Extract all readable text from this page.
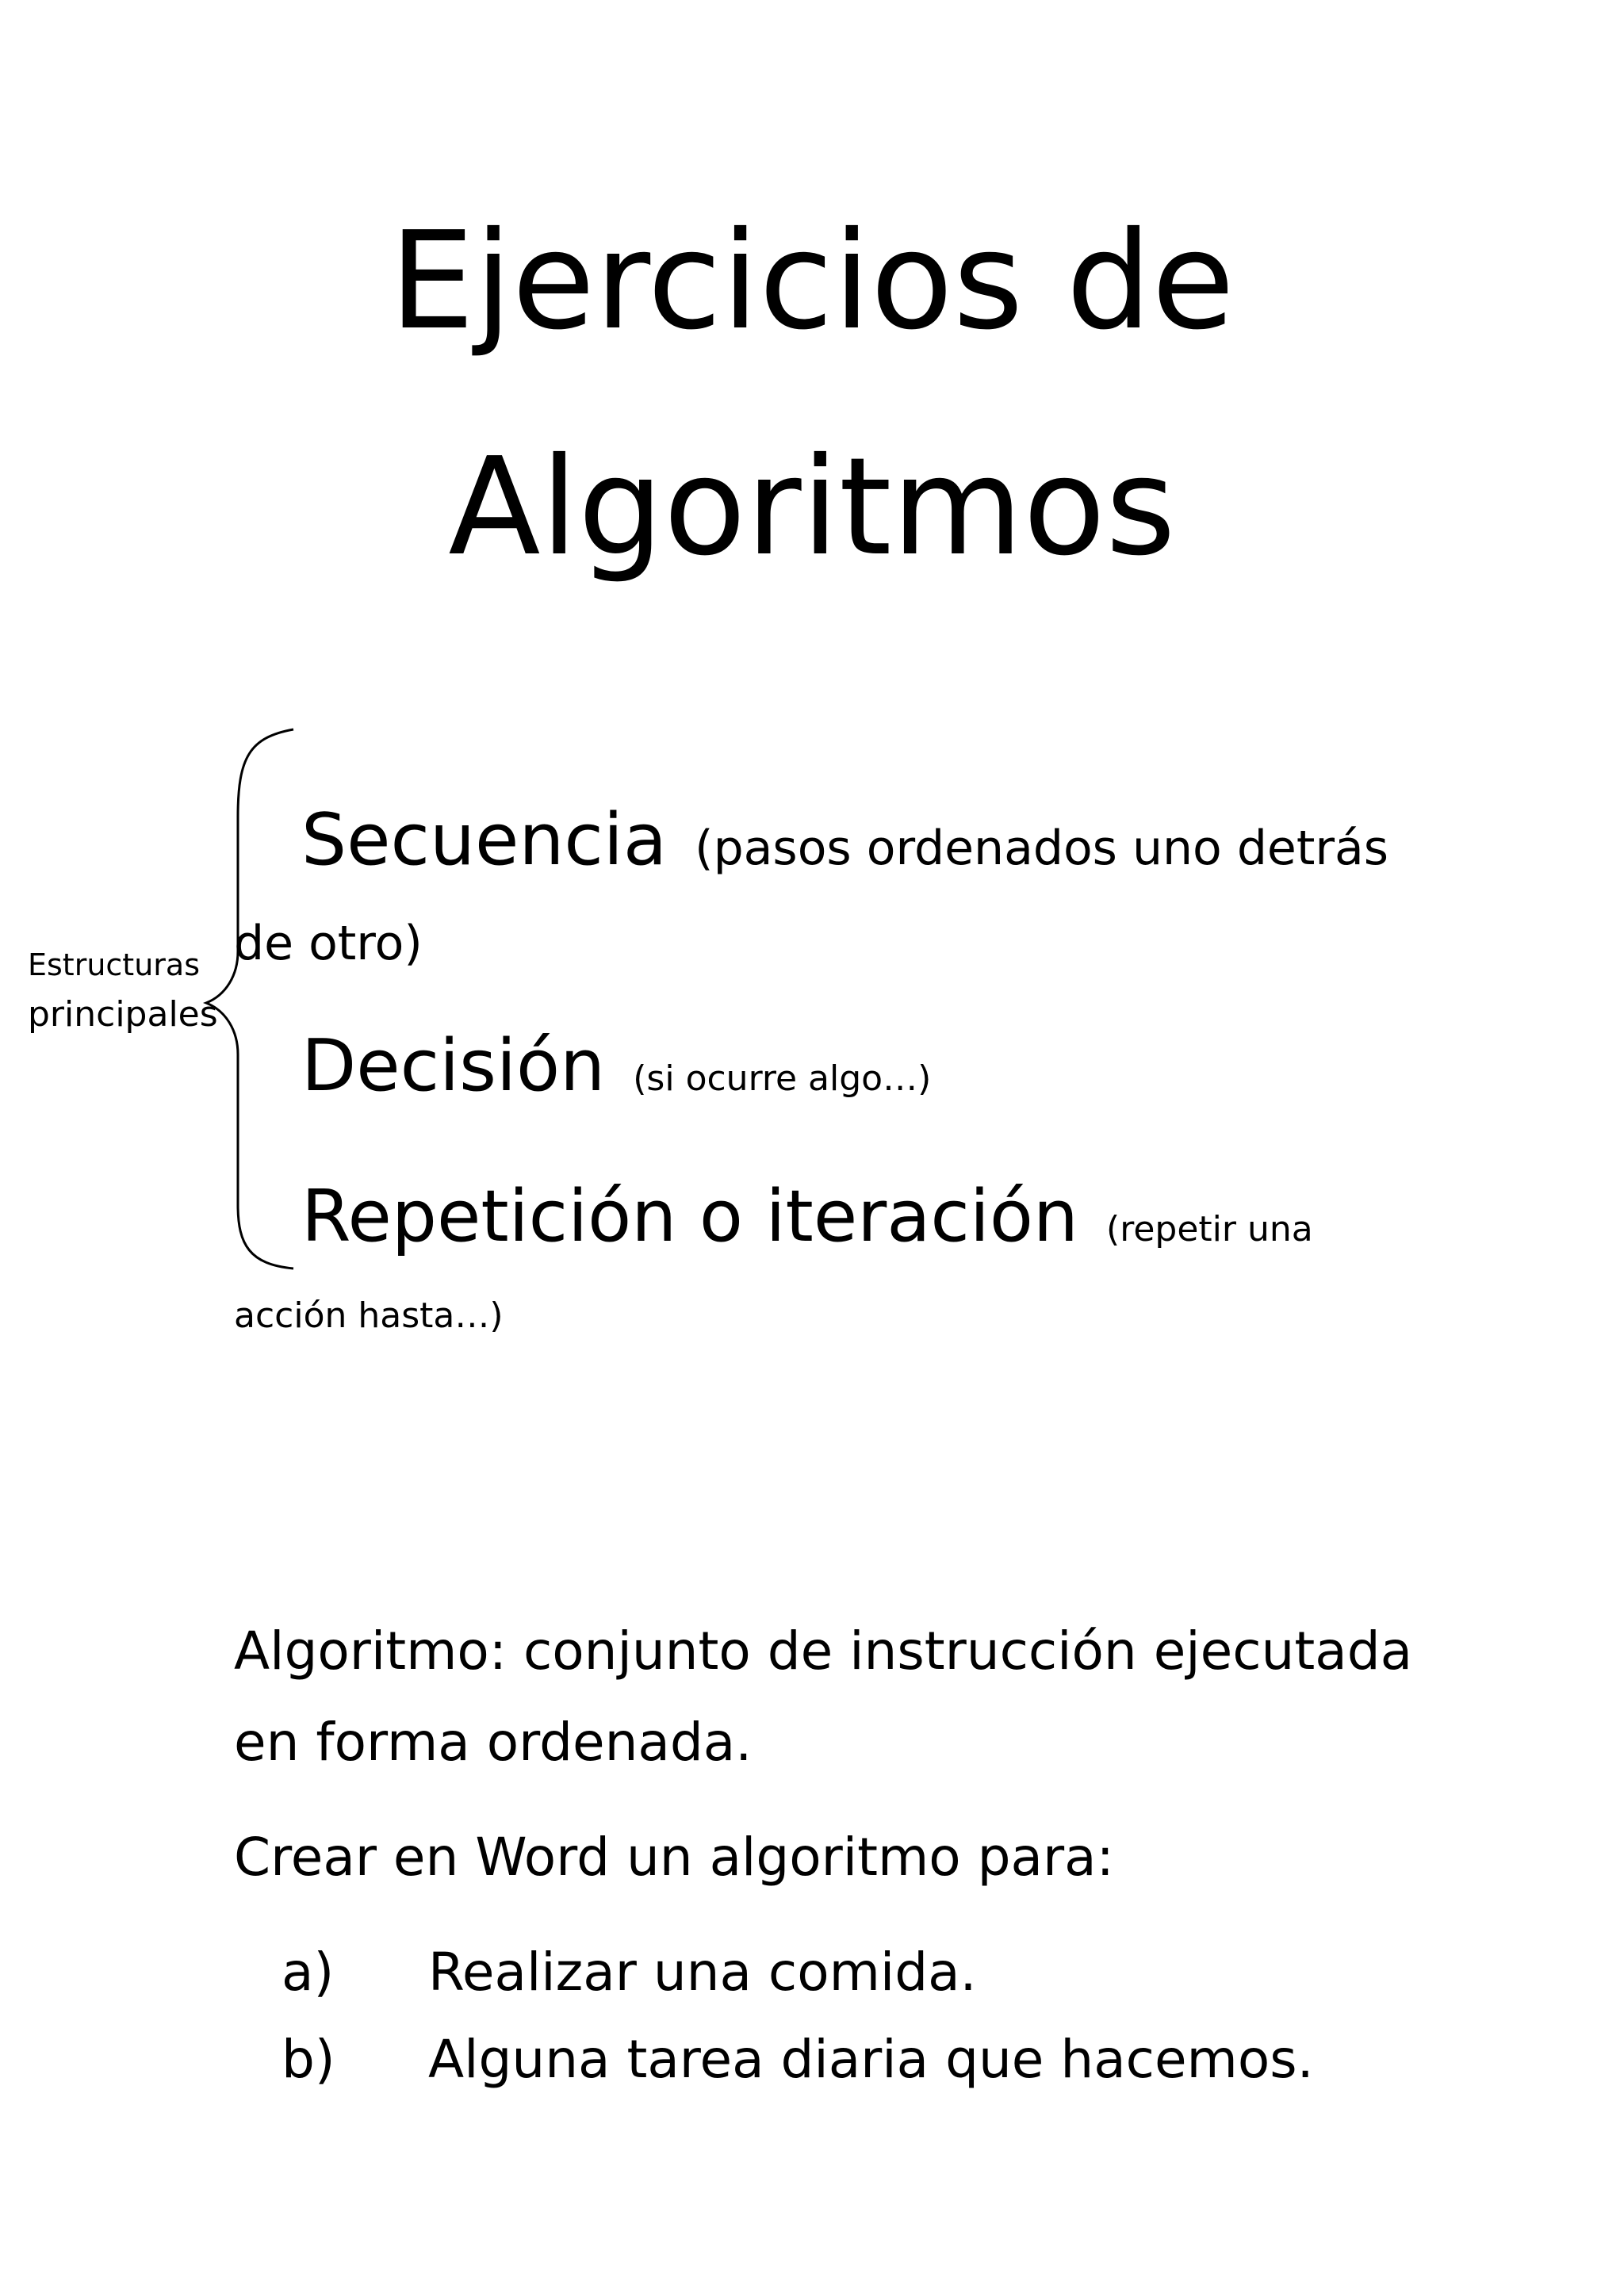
Ejercicios de
Algoritmos
Estructuras
principales
Secuencia (pasos ordenados uno detrás
de otro)
Decisión (si ocurre algo…)
Repetición o iteración (repetir una
acción hasta…)
Algoritmo: conjunto de instrucción ejecutada
en forma ordenada.
Crear en Word un algoritmo para:
a) Realizar una comida.
b) Alguna tarea diaria que hacemos.
